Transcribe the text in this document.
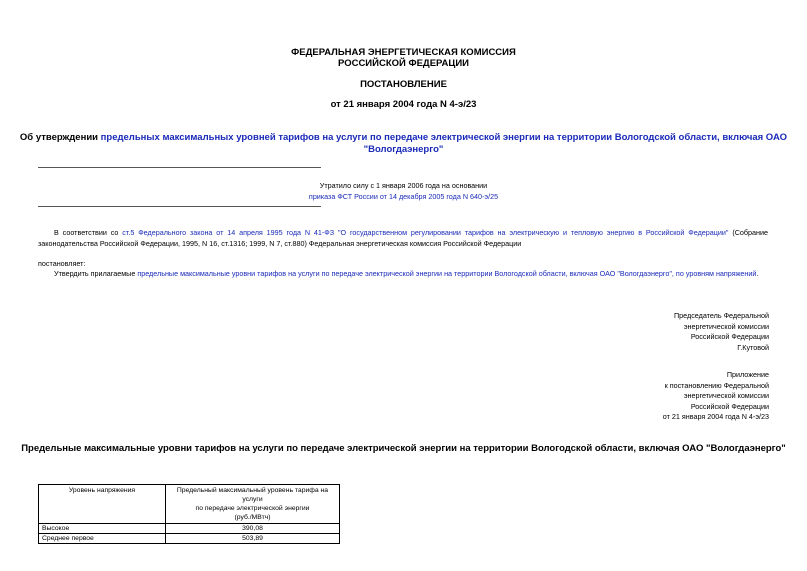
ФЕДЕРАЛЬНАЯ ЭНЕРГЕТИЧЕСКАЯ КОМИССИЯ
РОССИЙСКОЙ ФЕДЕРАЦИИ
ПОСТАНОВЛЕНИЕ
от 21 января 2004 года N 4-э/23
Об утверждении предельных максимальных уровней тарифов на услуги по передаче электрической энергии на территории Вологодской области, включая ОАО
"Вологдаэнерго"
Утратило силу с 1 января 2006 года на основании
приказа ФСТ России от 14 декабря 2005 года N 640-э/25
В соответствии со ст.5 Федерального закона от 14 апреля 1995 года N 41-ФЗ "О государственном регулировании тарифов на электрическую и тепловую энергию в Российской Федерации" (Собрание
законодательства Российской Федерации, 1995, N 16, ст.1316; 1999, N 7, ст.880) Федеральная энергетическая комиссия Российской Федерации
постановляет:
Утвердить прилагаемые предельные максимальные уровни тарифов на услуги по передаче электрической энергии на территории Вологодской области, включая ОАО "Вологдаэнерго", по уровням напряжений.
Председатель Федеральной
энергетической комиссии
Российской Федерации
Г.Кутовой
Приложение
к постановлению Федеральной
энергетической комиссии
Российской Федерации
от 21 января 2004 года N 4-э/23
Предельные максимальные уровни тарифов на услуги по передаче электрической энергии на территории Вологодской области, включая ОАО "Вологдаэнерго"
Уровень напряжения	Предельный максимальный уровень тарифа на услуги
по передаче электрической энергии
(руб./МВтч)

Высокое	390,08
Среднее первое	503,89
